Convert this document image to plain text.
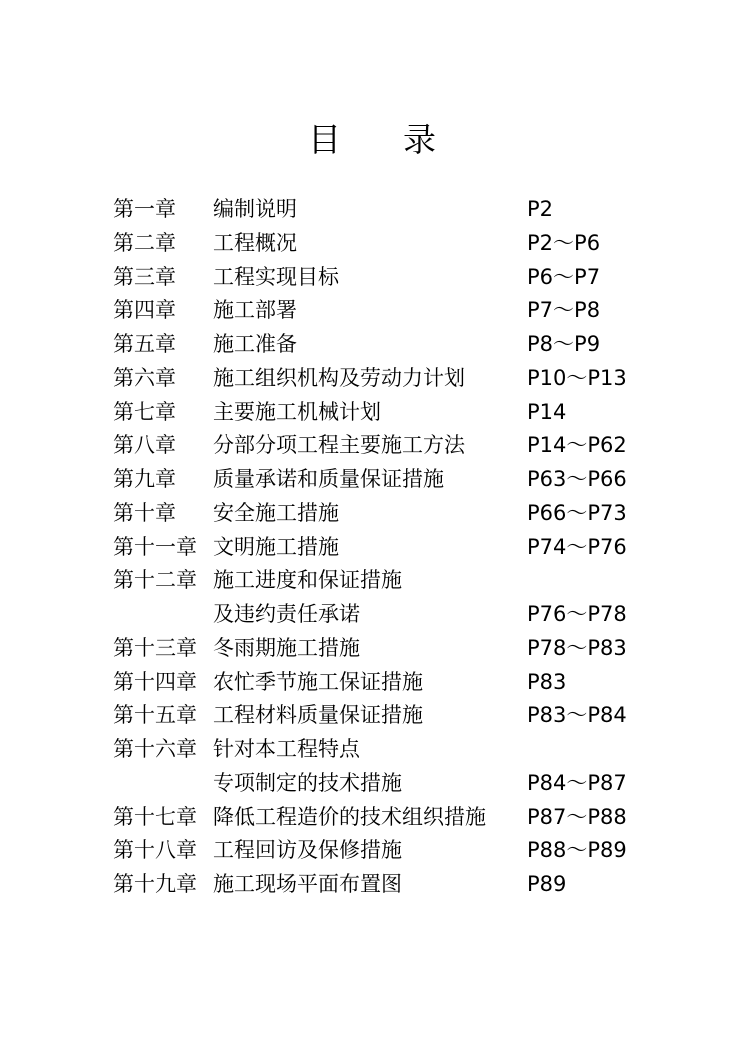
目 录
第一章 编制说明	P2
第二章 工程概况	P2～P6
第三章 工程实现目标	P6～P7
第四章 施工部署	P7～P8
第五章 施工准备	P8～P9
第六章 施工组织机构及劳动力计划	P10～P13
第七章 主要施工机械计划	P14
第八章 分部分项工程主要施工方法	P14～P62
第九章 质量承诺和质量保证措施	P63～P66
第十章 安全施工措施	P66～P73
第十一章 文明施工措施	P74～P76
第十二章 施工进度和保证措施
及违约责任承诺	P76～P78
第十三章 冬雨期施工措施	P78～P83
第十四章 农忙季节施工保证措施	P83
第十五章 工程材料质量保证措施	P83～P84
第十六章 针对本工程特点
专项制定的技术措施	P84～P87
第十七章 降低工程造价的技术组织措施 P87～P88
第十八章 工程回访及保修措施	P88～P89
第十九章 施工现场平面布置图	P89
